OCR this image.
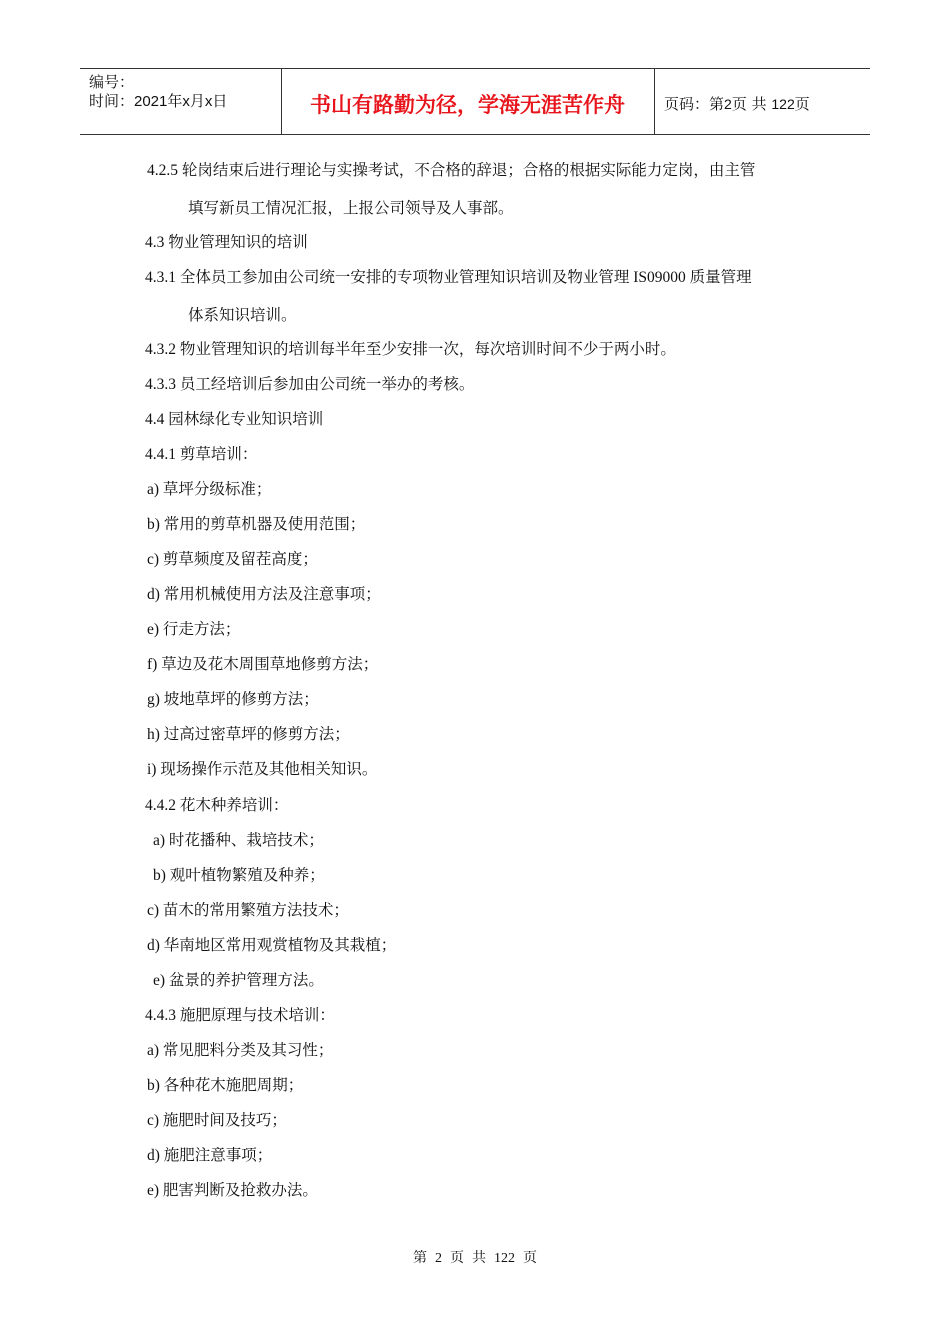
编号：
时间：2021年x月x日	书山有路勤为径，学海无涯苦作舟	页码：第2页 共 122页
4.2.5 轮岗结束后进行理论与实操考试，不合格的辞退；合格的根据实际能力定岗，由主管
填写新员工情况汇报，上报公司领导及人事部。
4.3 物业管理知识的培训
4.3.1 全体员工参加由公司统一安排的专项物业管理知识培训及物业管理 IS09000 质量管理
体系知识培训。
4.3.2 物业管理知识的培训每半年至少安排一次，每次培训时间不少于两小时。
4.3.3 员工经培训后参加由公司统一举办的考核。
4.4 园林绿化专业知识培训
4.4.1 剪草培训：
a) 草坪分级标准；
b) 常用的剪草机器及使用范围；
c) 剪草频度及留茬高度；
d) 常用机械使用方法及注意事项；
e) 行走方法；
f) 草边及花木周围草地修剪方法；
g) 坡地草坪的修剪方法；
h) 过高过密草坪的修剪方法；
i) 现场操作示范及其他相关知识。
4.4.2 花木种养培训：
a) 时花播种、栽培技术；
b) 观叶植物繁殖及种养；
c) 苗木的常用繁殖方法技术；
d) 华南地区常用观赏植物及其栽植；
e) 盆景的养护管理方法。
4.4.3 施肥原理与技术培训：
a) 常见肥料分类及其习性；
b) 各种花木施肥周期；
c) 施肥时间及技巧；
d) 施肥注意事项；
e) 肥害判断及抢救办法。
第 2 页 共 122 页
